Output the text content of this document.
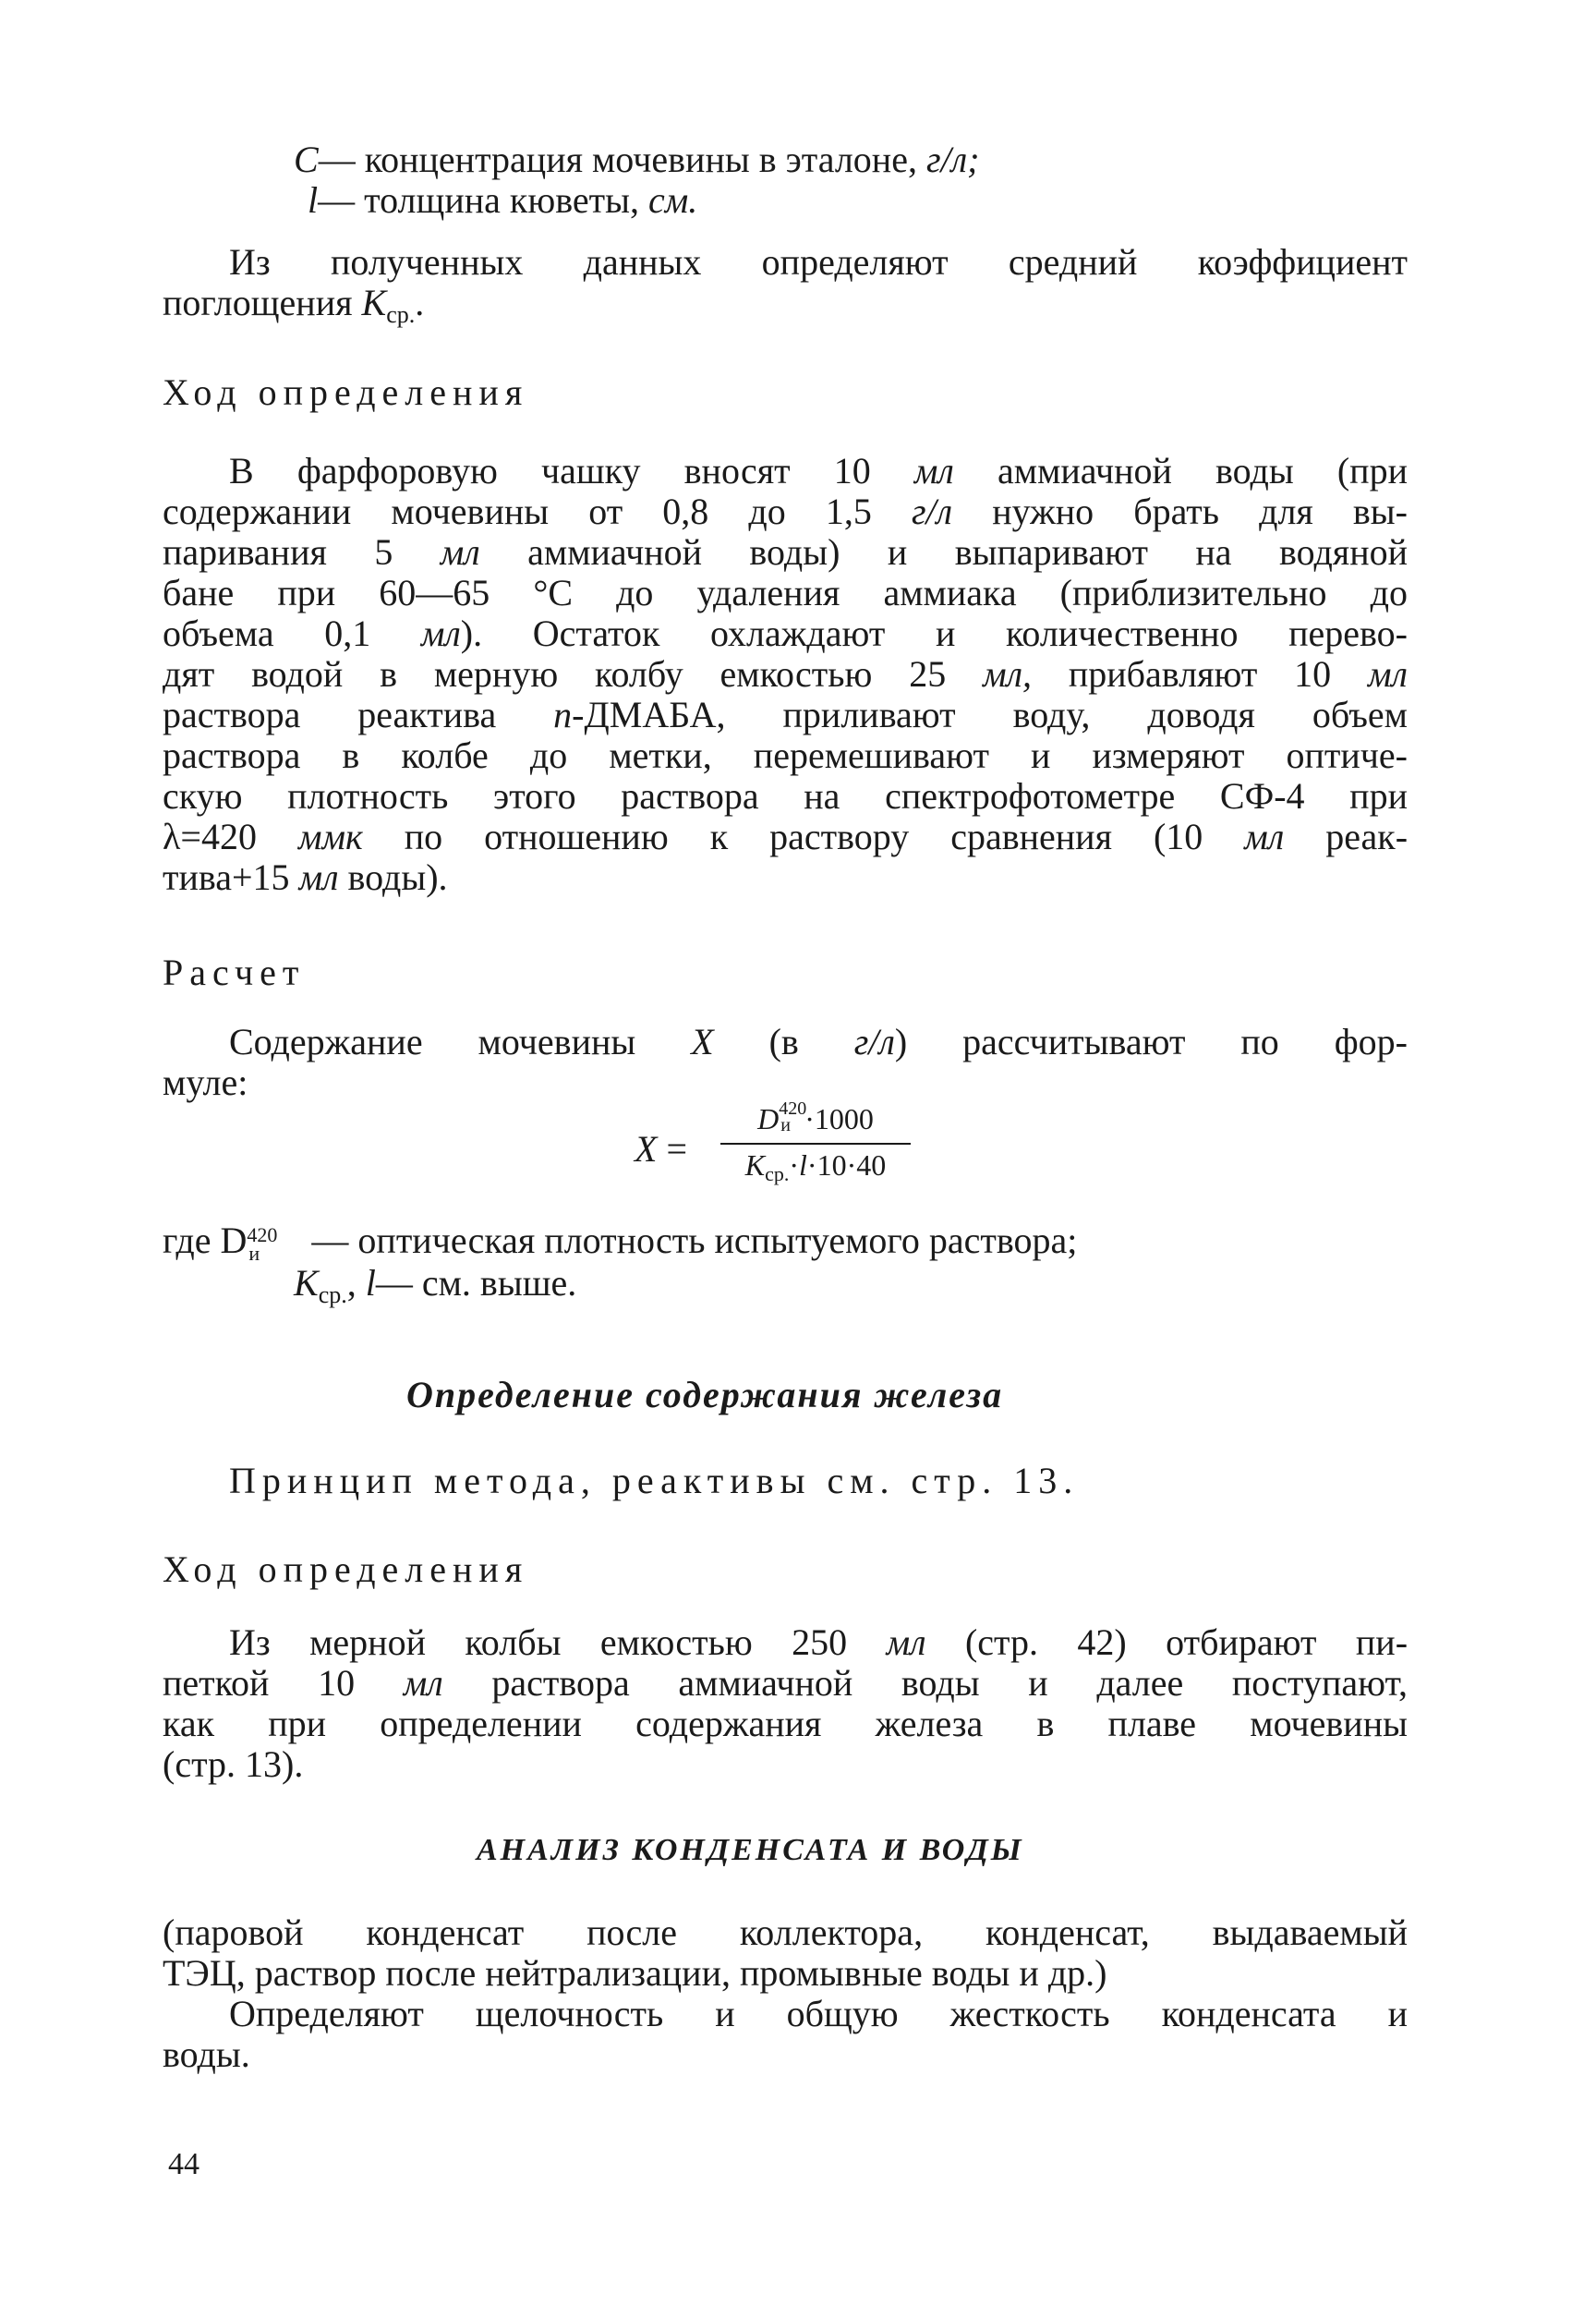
C— концентрация мочевины в эталоне, г/л;
l— толщина кюветы, см.
Из полученных данных определяют средний коэффициент
поглощения $K_{ср.}$.
Ход определения
В фарфоровую чашку вносят 10 мл аммиачной воды (при
содержании мочевины от 0,8 до 1,5 г/л нужно брать для вы-
паривания 5 мл аммиачной воды) и выпаривают на водяной
бане при 60—65 °С до удаления аммиака (приблизительно до
объема 0,1 мл). Остаток охлаждают и количественно перево-
дят водой в мерную колбу емкостью 25 мл, прибавляют 10 мл
раствора реактива n-ДМАБА, приливают воду, доводя объем
раствора в колбе до метки, перемешивают и измеряют оптиче-
скую плотность этого раствора на спектрофотометре СФ-4 при
λ=420 ммк по отношению к раствору сравнения (10 мл реак-
тива+15 мл воды).
Расчет
Содержание мочевины X (в г/л) рассчитывают по фор-
муле:
X =
D 420
и ·1000
Kср.·l·10·40
где D 420
и — оптическая плотность испытуемого раствора;
$K_{ср.}$, l— см. выше.
Определение содержания железа
Принцип метода, реактивы см. стр. 13.
Ход определения
Из мерной колбы емкостью 250 мл (стр. 42) отбирают пи-
петкой 10 мл раствора аммиачной воды и далее поступают,
как при определении содержания железа в плаве мочевины
(стр. 13).
АНАЛИЗ КОНДЕНСАТА И ВОДЫ
(паровой конденсат после коллектора, конденсат, выдаваемый
ТЭЦ, раствор после нейтрализации, промывные воды и др.)
Определяют щелочность и общую жесткость конденсата и
воды.
44
